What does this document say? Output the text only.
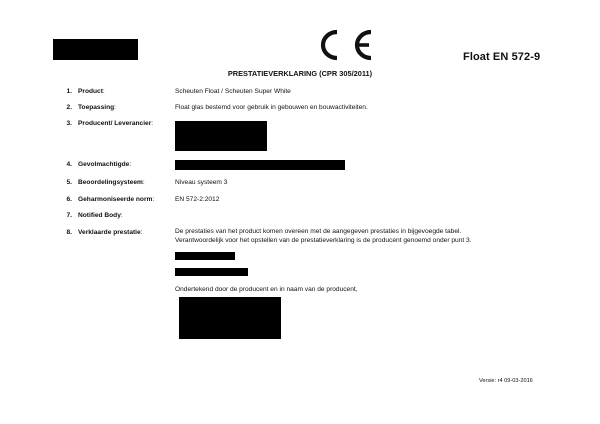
Float EN 572-9
PRESTATIEVERKLARING (CPR 305/2011)
1. Product:	Scheuten Float / Scheuten Super White
2. Toepassing:	Float glas bestemd voor gebruik in gebouwen en bouwactiviteiten.
3. Producent/ Leverancier:
4. Gevolmachtigde:
5. Beoordelingsysteem:	Niveau systeem 3
6. Geharmoniseerde norm:	EN 572-2:2012
7. Notified Body:
8. Verklaarde prestatie:	De prestaties van het product komen overeen met de aangegeven prestaties in bijgevoegde tabel.
Verantwoordelijk voor het opstellen van de prestatieverklaring is de producent genoemd onder punt 3.
Ondertekend door de producent en in naam van de producent,
Versie: r4 09-03-2016
